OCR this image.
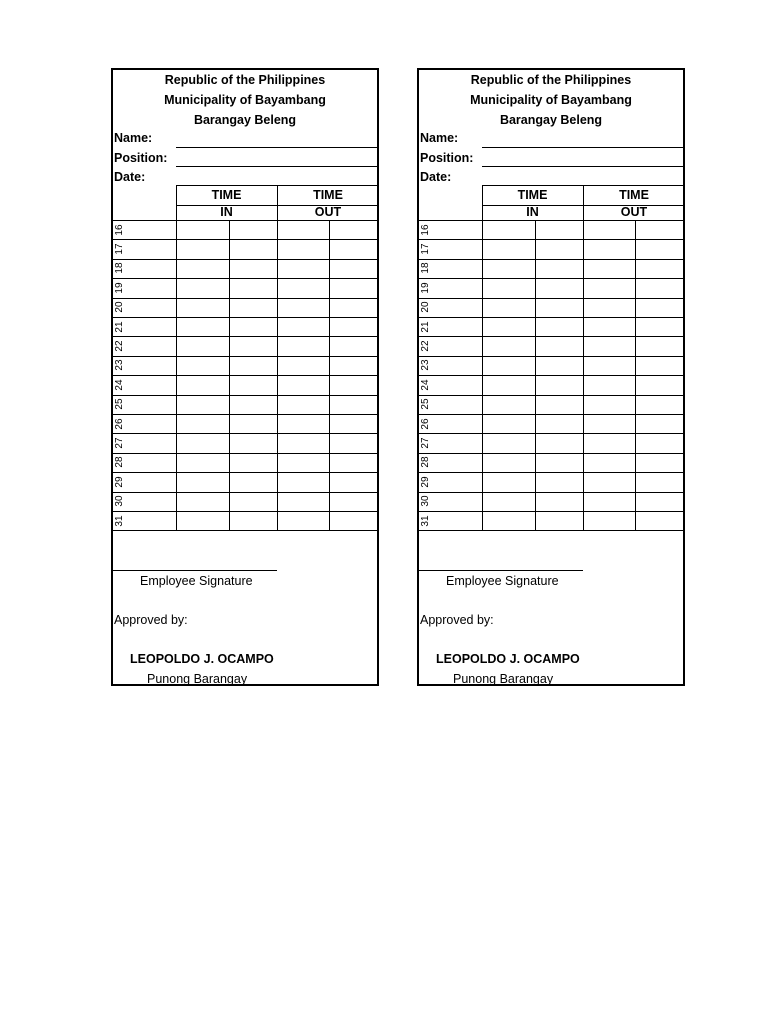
Republic of the Philippines
Municipality of Bayambang
Barangay Beleng
Name:
Position:
Date:
TIME
IN
TIME
OUT
16
17
18
19
20
21
22
23
24
25
26
27
28
29
30
31
Employee Signature
Approved by:
LEOPOLDO J. OCAMPO
Punong Barangay
Republic of the Philippines
Municipality of Bayambang
Barangay Beleng
Name:
Position:
Date:
TIME
IN
TIME
OUT
16
17
18
19
20
21
22
23
24
25
26
27
28
29
30
31
Employee Signature
Approved by:
LEOPOLDO J. OCAMPO
Punong Barangay
